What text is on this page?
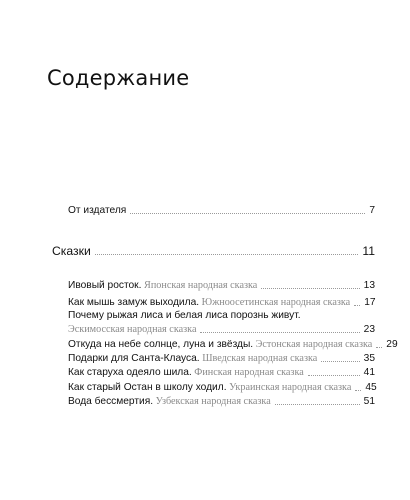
Содержание
От издателя	7
Сказки	11
Ивовый росток. Японская народная сказка	13
Как мышь замуж выходила. Южноосетинская народная сказка 17
Почему рыжая лиса и белая лиса порознь живут.
Эскимосская народная сказка	23
Откуда на небе солнце, луна и звёзды. Эстонская народная сказка 29
Подарки для Санта-Клауса. Шведская народная сказка	35
Как старуха одеяло шила. Финская народная сказка	41
Как старый Остан в школу ходил. Украинская народная сказка 45
Вода бессмертия. Узбекская народная сказка	51
